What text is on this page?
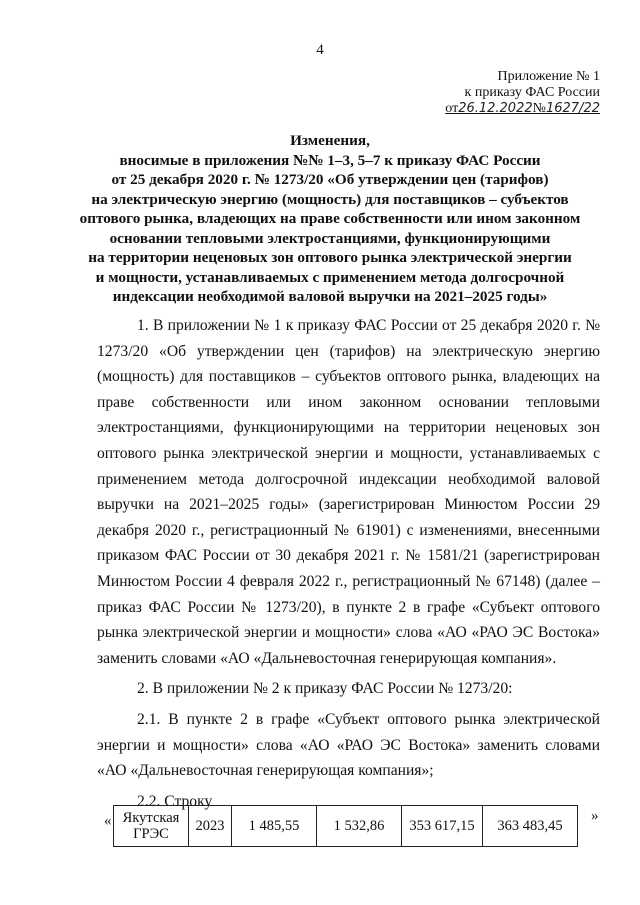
4
Приложение № 1
к приказу ФАС России
от26.12.2022№1627/22
Изменения,
вносимые в приложения №№ 1–3, 5–7 к приказу ФАС России
от 25 декабря 2020 г. № 1273/20 «Об утверждении цен (тарифов)
на электрическую энергию (мощность) для поставщиков – субъектов
оптового рынка, владеющих на праве собственности или ином законном
основании тепловыми электростанциями, функционирующими
на территории неценовых зон оптового рынка электрической энергии
и мощности, устанавливаемых с применением метода долгосрочной
индексации необходимой валовой выручки на 2021–2025 годы»

1. В приложении № 1 к приказу ФАС России от 25 декабря 2020 г. № 1273/20 «Об утверждении цен (тарифов) на электрическую энергию (мощность) для поставщиков – субъектов оптового рынка, владеющих на праве собственности или ином законном основании тепловыми электростанциями, функционирующими на территории неценовых зон оптового рынка электрической энергии и мощности, устанавливаемых с применением метода долгосрочной индексации необходимой валовой выручки на 2021–2025 годы» (зарегистрирован Минюстом России 29 декабря 2020 г., регистрационный № 61901) с изменениями, внесенными приказом ФАС России от 30 декабря 2021 г. № 1581/21 (зарегистрирован Минюстом России 4 февраля 2022 г., регистрационный № 67148) (далее – приказ ФАС России № 1273/20), в пункте 2 в графе «Субъект оптового рынка электрической энергии и мощности» слова «АО «РАО ЭС Востока» заменить словами «АО «Дальневосточная генерирующая компания».

2. В приложении № 2 к приказу ФАС России № 1273/20:

2.1. В пункте 2 в графе «Субъект оптового рынка электрической энергии и мощности» слова «АО «РАО ЭС Востока» заменить словами «АО «Дальневосточная генерирующая компания»;

2.2. Строку

« Якутская ГРЭС	2023	1 485,55	1 532,86	353 617,15	363 483,45
»
